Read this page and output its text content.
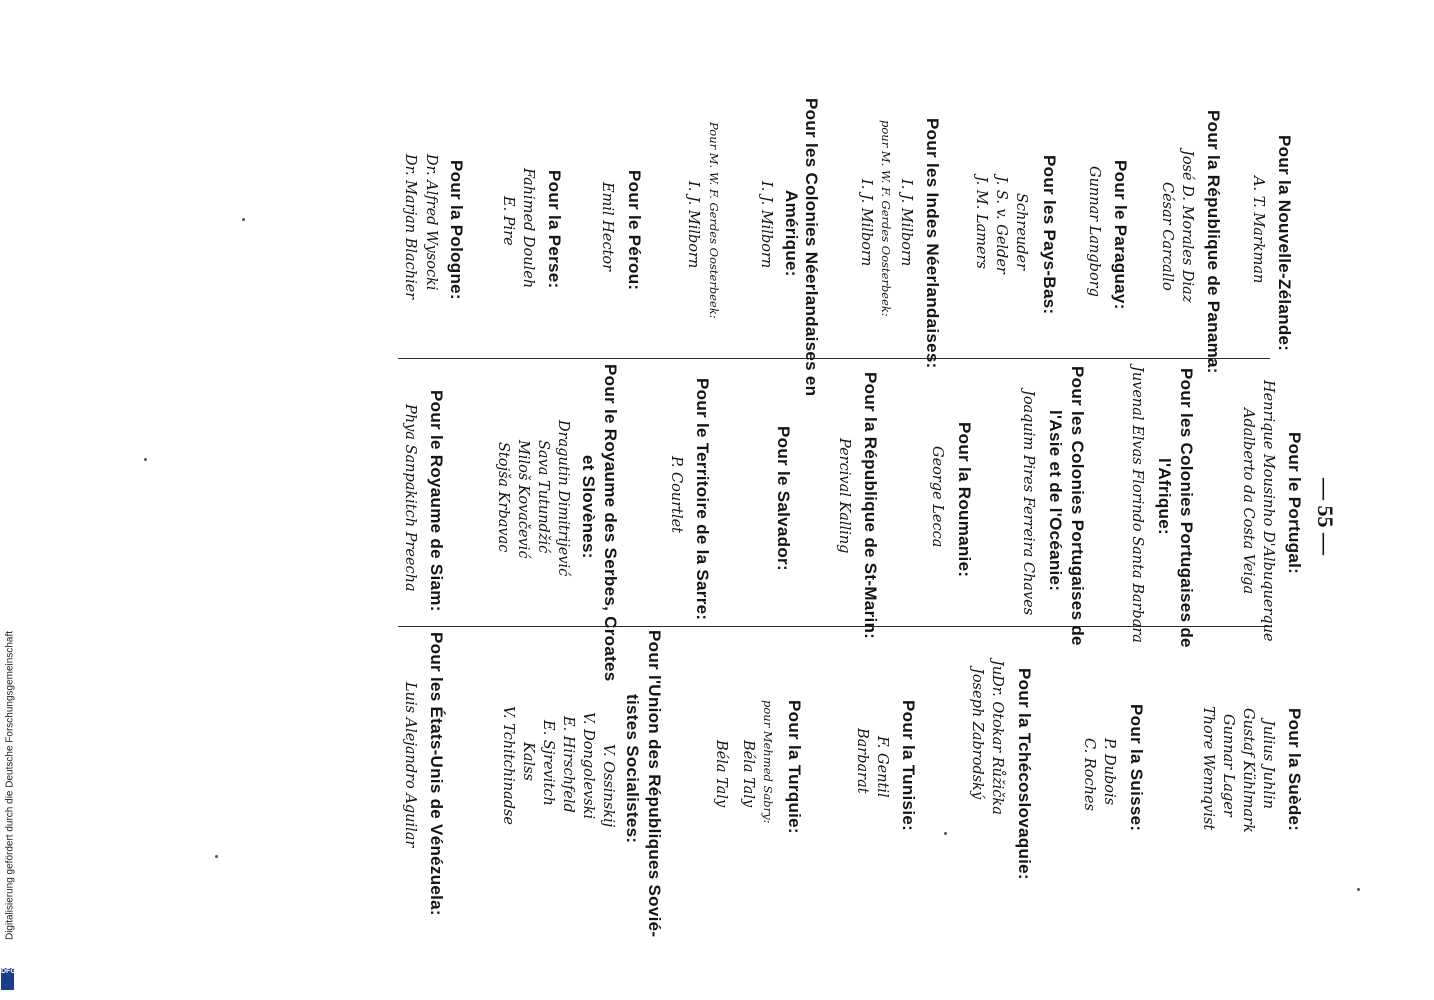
— 55 —
Pour la Nouvelle-Zélande:
A. T. Markman
Pour la République de Panama:
José D. Morales Diaz
César Carcallo
Pour le Paraguay:
Gunnar Langborg
Pour les Pays-Bas:
Schreuder
J. S. v. Gelder
J. M. Lamers
Pour les Indes Néerlandaises:
I. J. Milborn
pour M. W. F. Gerdes Oosterbeek:
I. J. Milborn
Pour les Colonies Néerlandaises en
Amérique:
I. J. Milborn
Pour M. W. F. Gerdes Oosterbeek:
I. J. Milborn
Pour le Pérou:
Emil Hector
Pour la Perse:
Fahimed Douleh
E. Pire
Pour la Pologne:
Dr. Alfred Wysocki
Dr. Marjan Blachier
Pour le Portugal:
Henrique Mousinho D'Albuquerque
Adalberto da Costa Veiga
Pour les Colonies Portugaises de
l'Afrique:
Juvenal Elvas Florindo Santa Barbara
Pour les Colonies Portugaises de
l'Asie et de l'Océanie:
Joaquim Pires Ferreira Chaves
Pour la Roumanie:
George Lecca
Pour la République de St-Marin:
Percival Kalling
Pour le Salvador:
Pour le Territoire de la Sarre:
P. Courtlet
Pour le Royaume des Serbes, Croates
et Slovènes:
Dragutin Dimitrijević
Sava Tutundžić
Miloš Kovačević
Stojša Krbavac
Pour le Royaume de Siam:
Phya Sanpakitch Preecha
Pour la Suède:
Julius Juhlin
Gustaf Kühlmark
Gunnar Lager
Thore Wennqvist
Pour la Suisse:
P. Dubois
C. Roches
Pour la Tchécoslovaquie:
JuDr. Otokar Růžička
Joseph Zabrodský
Pour la Tunisie:
F. Gentil
Barbarat
Pour la Turquie:
pour Mehmed Sabry:
Béla Taly
Béla Taly
Pour l'Union des Républiques Sovié-
tistes Socialistes:
V. Ossinskij
V. Dongolevski
E. Hirschfeld
E. Sjrevitch
Kalss
V. Tchitchinadse
Pour les États-Unis de Vénézuela:
Luis Alejandro Aguilar
Digitalisierung gefördert durch die Deutsche Forschungsgemeinschaft
DFG
